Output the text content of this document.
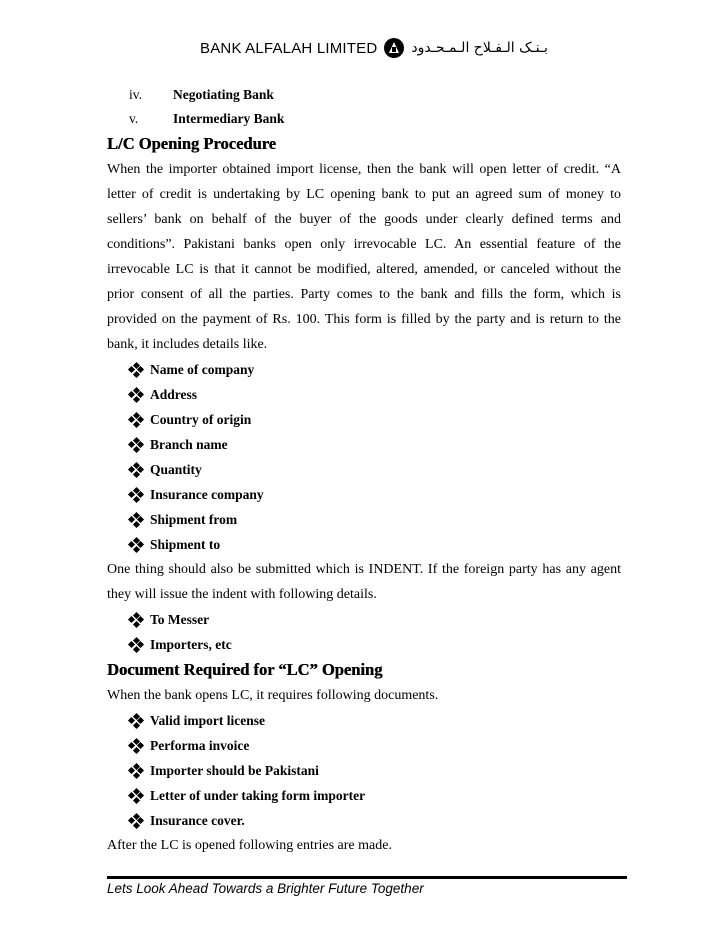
BANK ALFALAH LIMITED بـنـک الـفـلاح الـمـحـدود
iv.	Negotiating Bank
v.	Intermediary Bank
L/C Opening Procedure

When the importer obtained import license, then the bank will open letter of credit. “A letter of credit is undertaking by LC opening bank to put an agreed sum of money to sellers’ bank on behalf of the buyer of the goods under clearly defined terms and conditions”. Pakistani banks open only irrevocable LC. An essential feature of the irrevocable LC is that it cannot be modified, altered, amended, or canceled without the prior consent of all the parties. Party comes to the bank and fills the form, which is provided on the payment of Rs. 100. This form is filled by the party and is return to the bank, it includes details like.

Name of company
Address
Country of origin
Branch name
Quantity
Insurance company
Shipment from
Shipment to

One thing should also be submitted which is INDENT. If the foreign party has any agent they will issue the indent with following details.

To Messer
Importers, etc
Document Required for “LC” Opening

When the bank opens LC, it requires following documents.

Valid import license
Performa invoice
Importer should be Pakistani
Letter of under taking form importer
Insurance cover.

After the LC is opened following entries are made.

Lets Look Ahead Towards a Brighter Future Together
